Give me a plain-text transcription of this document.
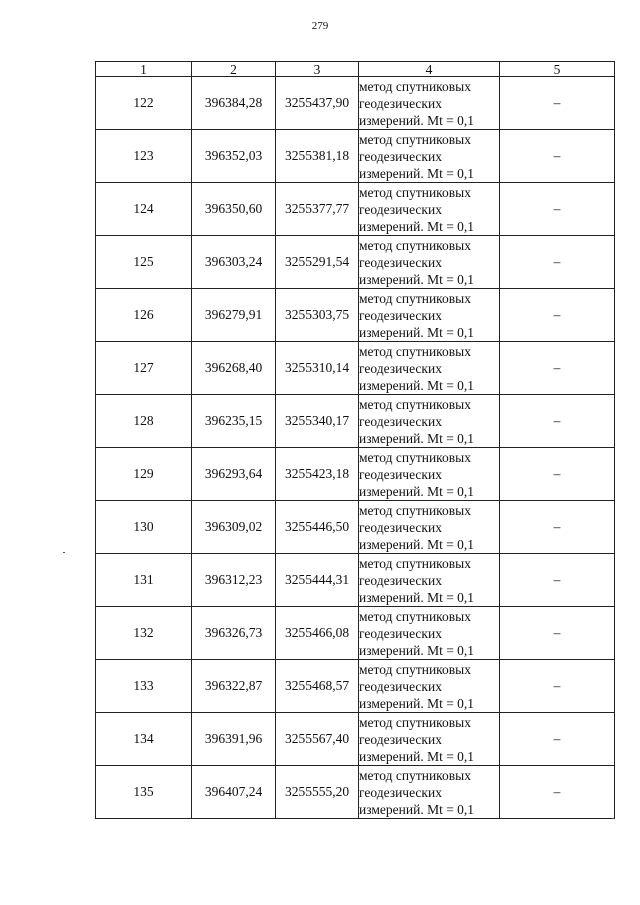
279
1	2	3	4	5
122	396384,28	3255437,90	метод спутниковых
геодезических
измерений. Mt = 0,1	–
123	396352,03	3255381,18	метод спутниковых
геодезических
измерений. Mt = 0,1	–
124	396350,60	3255377,77	метод спутниковых
геодезических
измерений. Mt = 0,1	–
125	396303,24	3255291,54	метод спутниковых
геодезических
измерений. Mt = 0,1	–
126	396279,91	3255303,75	метод спутниковых
геодезических
измерений. Mt = 0,1	–
127	396268,40	3255310,14	метод спутниковых
геодезических
измерений. Mt = 0,1	–
128	396235,15	3255340,17	метод спутниковых
геодезических
измерений. Mt = 0,1	–
129	396293,64	3255423,18	метод спутниковых
геодезических
измерений. Mt = 0,1	–
130	396309,02	3255446,50	метод спутниковых
геодезических
измерений. Mt = 0,1	–
131	396312,23	3255444,31	метод спутниковых
геодезических
измерений. Mt = 0,1	–
132	396326,73	3255466,08	метод спутниковых
геодезических
измерений. Mt = 0,1	–
133	396322,87	3255468,57	метод спутниковых
геодезических
измерений. Mt = 0,1	–
134	396391,96	3255567,40	метод спутниковых
геодезических
измерений. Mt = 0,1	–
135	396407,24	3255555,20	метод спутниковых
геодезических
измерений. Mt = 0,1	–
